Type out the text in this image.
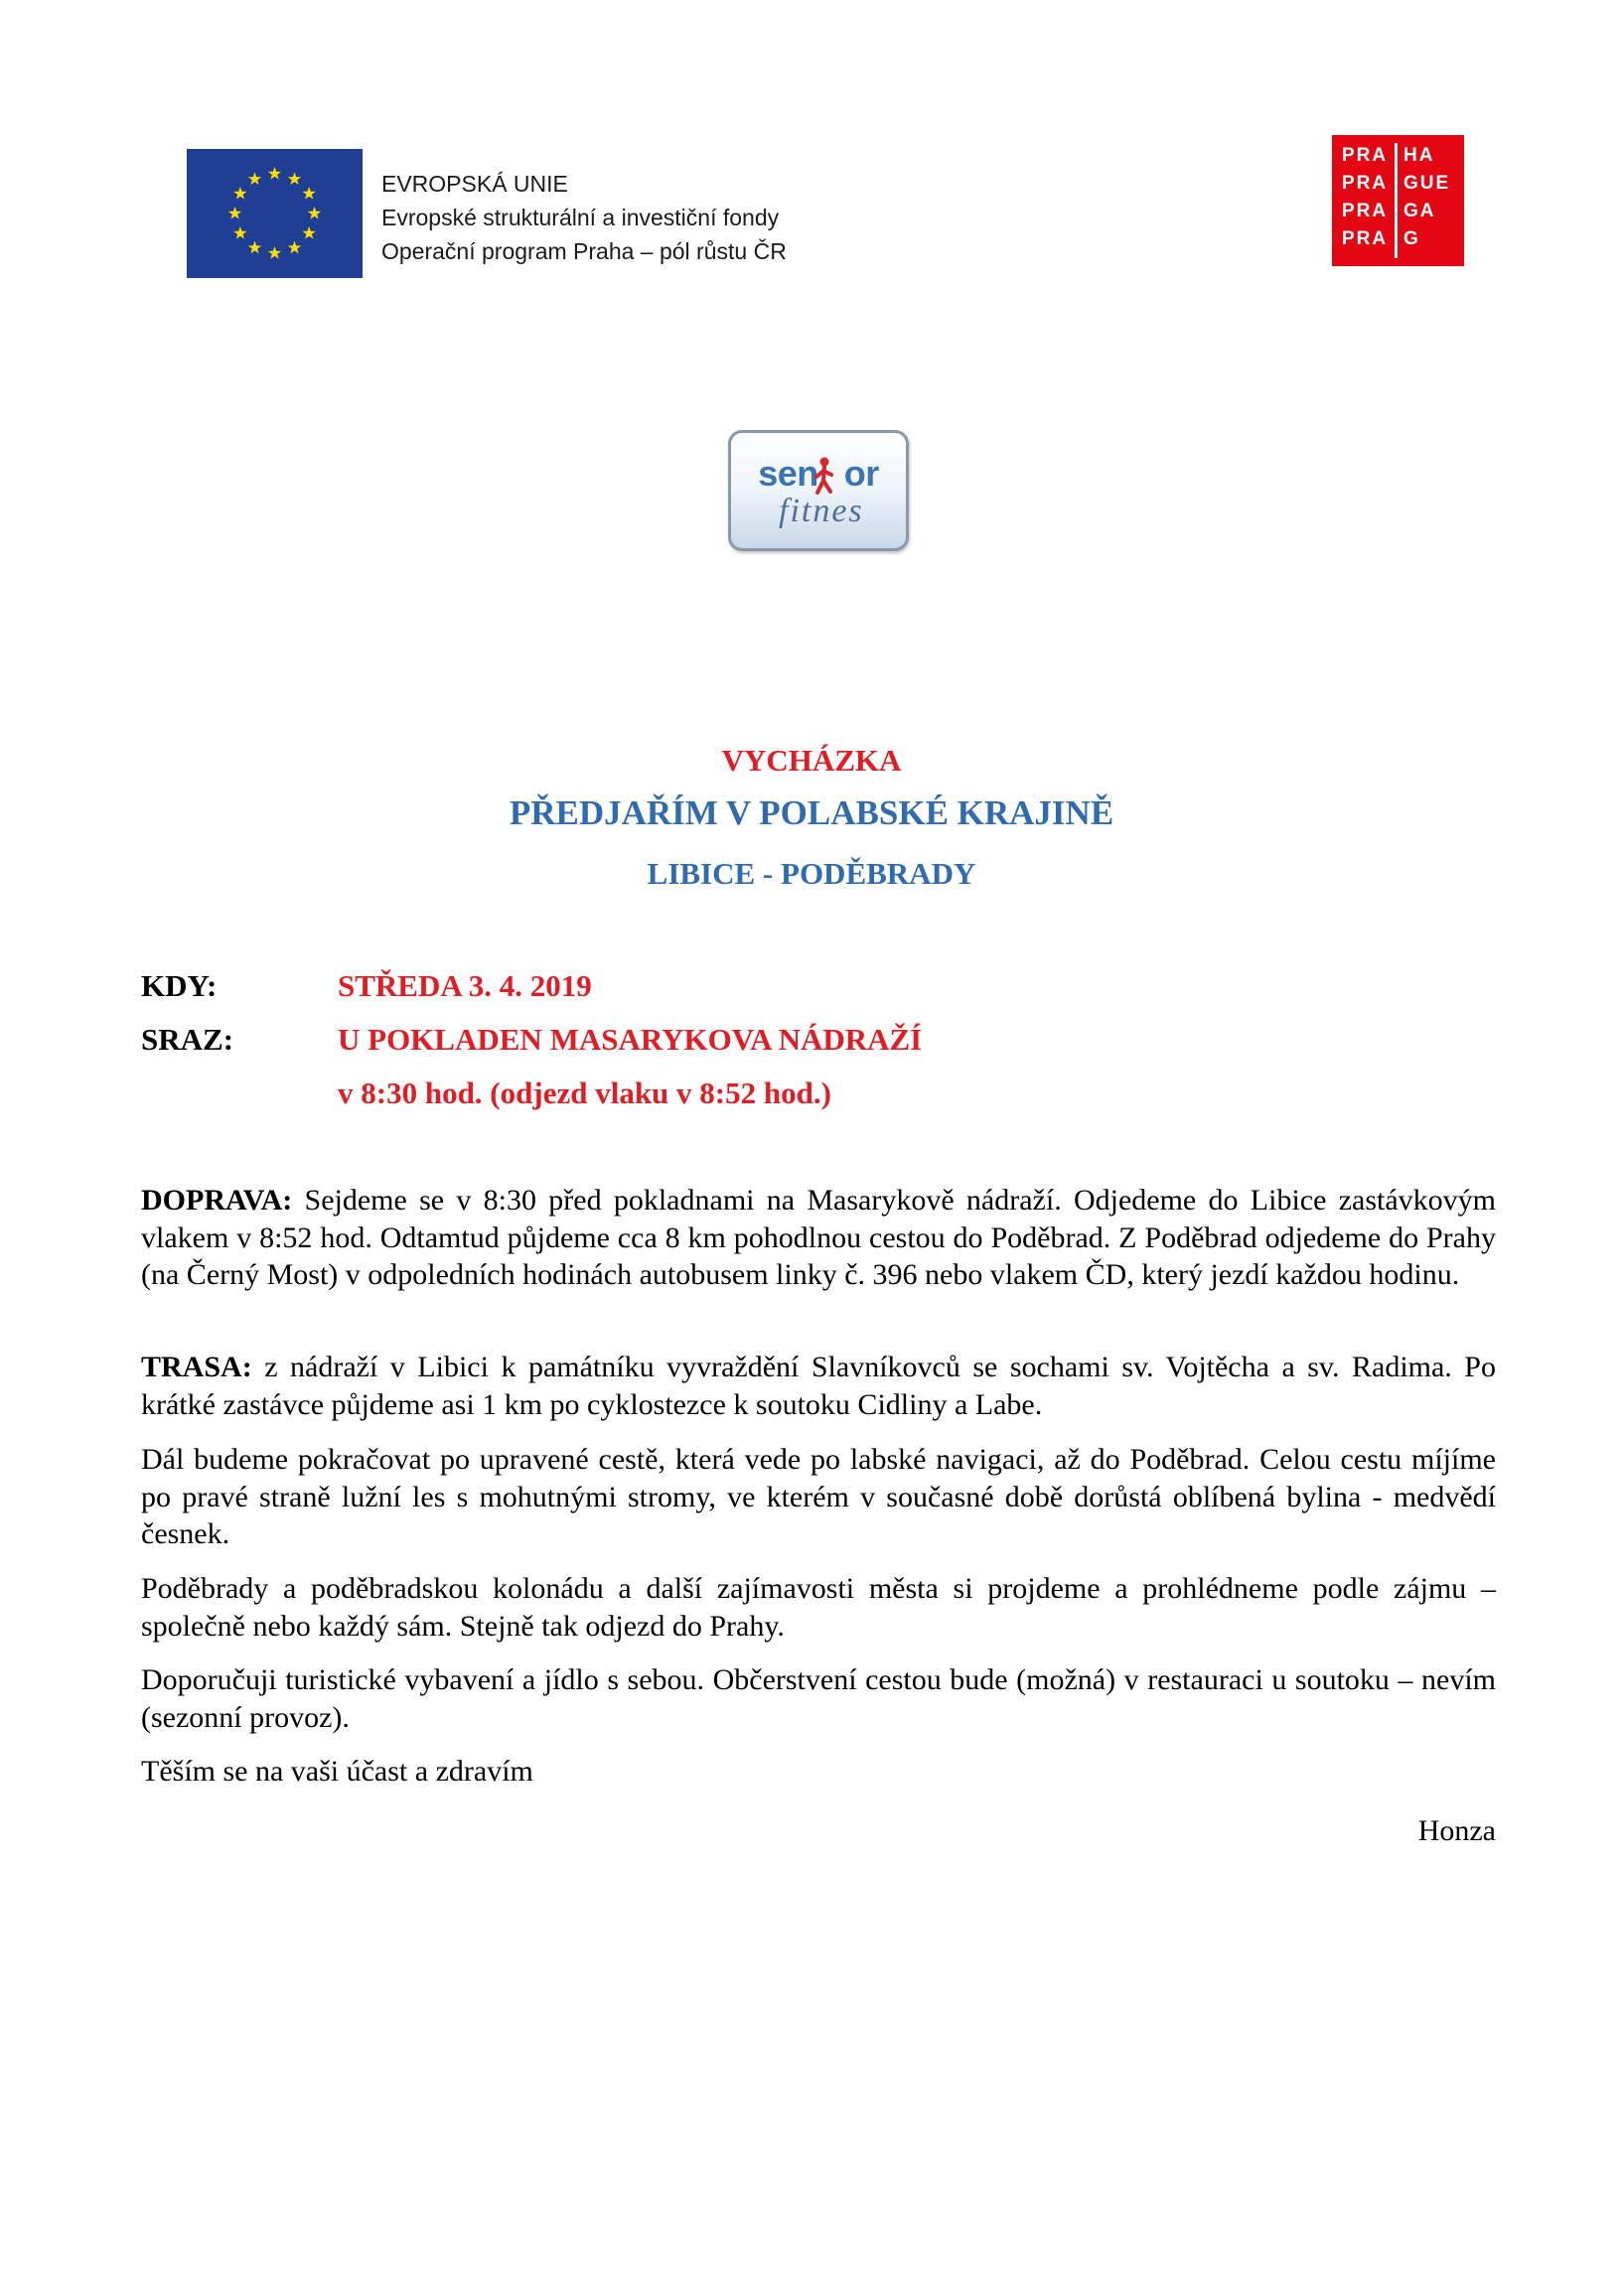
EVROPSKÁ UNIE
Evropské strukturální a investiční fondy
Operační program Praha – pól růstu ČR
PRA HA
PRA GUE
PRA GA
PRA G
sen or
fitnes
VYCHÁZKA
PŘEDJAŘÍM V POLABSKÉ KRAJINĚ
LIBICE - PODĚBRADY
KDY:	STŘEDA 3. 4. 2019
SRAZ:	U POKLADEN MASARYKOVA NÁDRAŽÍ
v 8:30 hod. (odjezd vlaku v 8:52 hod.)

DOPRAVA: Sejdeme se v 8:30 před pokladnami na Masarykově nádraží. Odjedeme do Libice zastávkovým vlakem v 8:52 hod. Odtamtud půjdeme cca 8 km pohodlnou cestou do Poděbrad. Z Poděbrad odjedeme do Prahy (na Černý Most) v odpoledních hodinách autobusem linky č. 396 nebo vlakem ČD, který jezdí každou hodinu.

TRASA: z nádraží v Libici k památníku vyvraždění Slavníkovců se sochami sv. Vojtěcha a sv. Radima. Po krátké zastávce půjdeme asi 1 km po cyklostezce k soutoku Cidliny a Labe.

Dál budeme pokračovat po upravené cestě, která vede po labské navigaci, až do Poděbrad. Celou cestu míjíme po pravé straně lužní les s mohutnými stromy, ve kterém v současné době dorůstá oblíbená bylina - medvědí česnek.

Poděbrady a poděbradskou kolonádu a další zajímavosti města si projdeme a prohlédneme podle zájmu – společně nebo každý sám. Stejně tak odjezd do Prahy.

Doporučuji turistické vybavení a jídlo s sebou. Občerstvení cestou bude (možná) v restauraci u soutoku – nevím (sezonní provoz).

Těším se na vaši účast a zdravím

Honza
